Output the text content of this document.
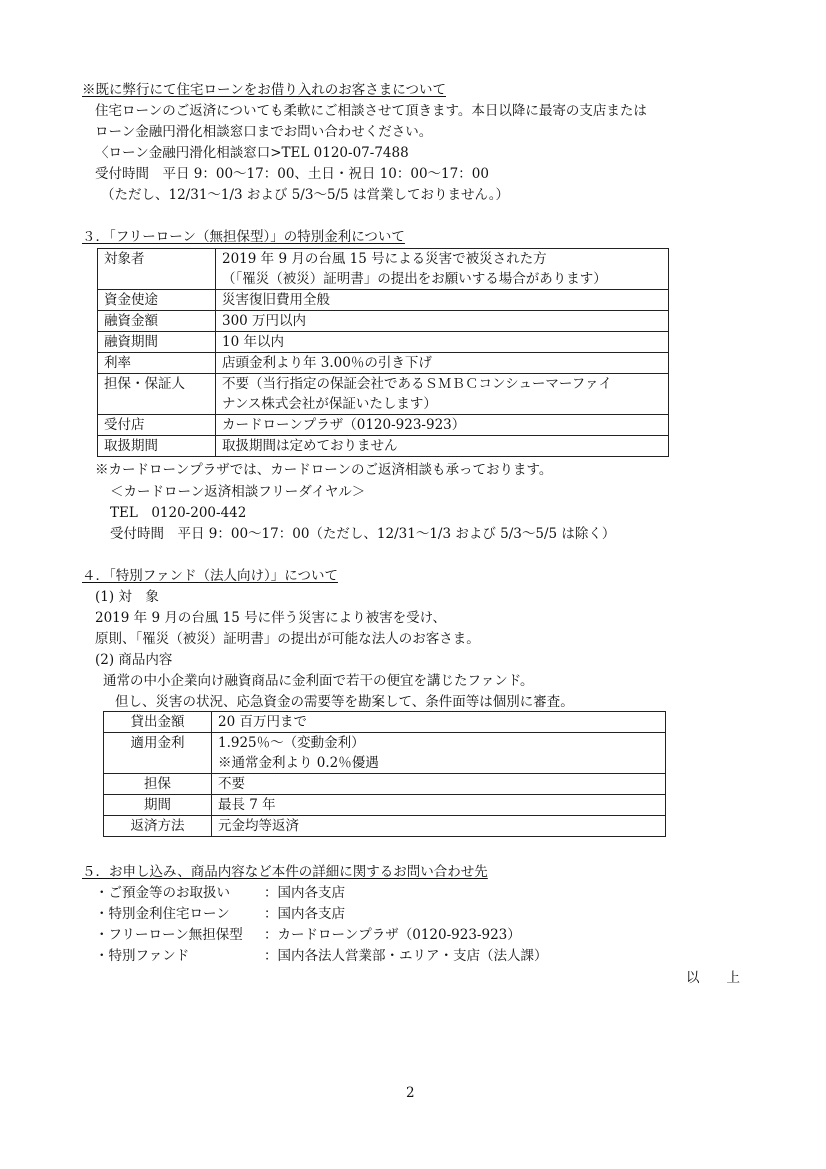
※既に弊行にて住宅ローンをお借り入れのお客さまについて
住宅ローンのご返済についても柔軟にご相談させて頂きます。本日以降に最寄の支店または
ローン金融円滑化相談窓口までお問い合わせください。
〈ローン金融円滑化相談窓口>TEL 0120-07-7488
受付時間　平日 9：00～17：00、土日・祝日 10：00～17：00
（ただし、12/31～1/3 および 5/3～5/5 は営業しておりません。）
３．「フリーローン（無担保型）」の特別金利について
対象者	2019 年 9 月の台風 15 号による災害で被災された方
（「罹災（被災）証明書」の提出をお願いする場合があります）

資金使途	災害復旧費用全般
融資金額	300 万円以内
融資期間	10 年以内
利率	店頭金利より年 3.00％の引き下げ
担保・保証人	不要（当行指定の保証会社であるＳＭＢＣコンシューマーファイ
ナンス株式会社が保証いたします）

受付店	カードローンプラザ（0120-923-923）
取扱期間	取扱期間は定めておりません
※カードローンプラザでは、カードローンのご返済相談も承っております。
＜カードローン返済相談フリーダイヤル＞
TEL　0120-200-442
受付時間　平日 9：00～17：00（ただし、12/31～1/3 および 5/3～5/5 は除く）
４．「特別ファンド（法人向け）」について
(1) 対　象
2019 年 9 月の台風 15 号に伴う災害により被害を受け、
原則、「罹災（被災）証明書」の提出が可能な法人のお客さま。
(2) 商品内容
通常の中小企業向け融資商品に金利面で若干の便宜を講じたファンド。
但し、災害の状況、応急資金の需要等を勘案して、条件面等は個別に審査。
貸出金額	20 百万円まで
適用金利	1.925％～（変動金利）
※通常金利より 0.2％優遇

担保	不要
期間	最長 7 年
返済方法	元金均等返済
５．お申し込み、商品内容など本件の詳細に関するお問い合わせ先
・ご預金等のお取扱い	：国内各支店
・特別金利住宅ローン	：国内各支店
・フリーローン無担保型 ：カードローンプラザ（0120-923-923）
・特別ファンド	：国内各法人営業部・エリア・支店（法人課）
以　　上
2
